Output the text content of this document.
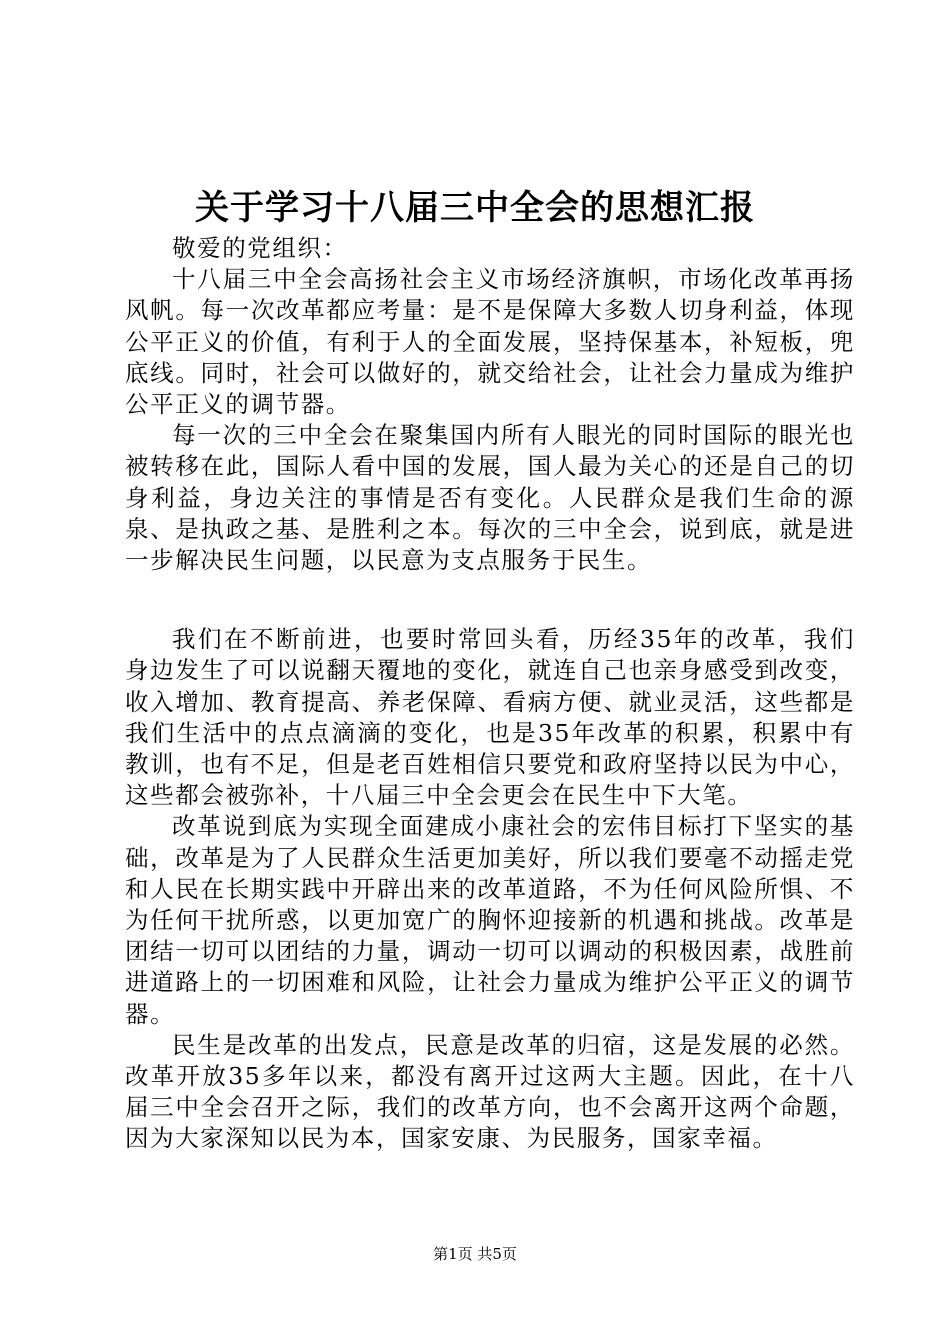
关于学习十八届三中全会的思想汇报

敬爱的党组织：

十八届三中全会高扬社会主义市场经济旗帜，市场化改革再扬风帆。每一次改革都应考量：是不是保障大多数人切身利益，体现公平正义的价值，有利于人的全面发展，坚持保基本，补短板，兜底线。同时，社会可以做好的，就交给社会，让社会力量成为维护公平正义的调节器。

每一次的三中全会在聚集国内所有人眼光的同时国际的眼光也被转移在此，国际人看中国的发展，国人最为关心的还是自己的切身利益，身边关注的事情是否有变化。人民群众是我们生命的源泉、是执政之基、是胜利之本。每次的三中全会，说到底，就是进一步解决民生问题，以民意为支点服务于民生。

我们在不断前进，也要时常回头看，历经35年的改革，我们身边发生了可以说翻天覆地的变化，就连自己也亲身感受到改变，收入增加、教育提高、养老保障、看病方便、就业灵活，这些都是我们生活中的点点滴滴的变化，也是35年改革的积累，积累中有教训，也有不足，但是老百姓相信只要党和政府坚持以民为中心，这些都会被弥补，十八届三中全会更会在民生中下大笔。

改革说到底为实现全面建成小康社会的宏伟目标打下坚实的基础，改革是为了人民群众生活更加美好，所以我们要毫不动摇走党和人民在长期实践中开辟出来的改革道路，不为任何风险所惧、不为任何干扰所惑，以更加宽广的胸怀迎接新的机遇和挑战。改革是团结一切可以团结的力量，调动一切可以调动的积极因素，战胜前进道路上的一切困难和风险，让社会力量成为维护公平正义的调节器。

民生是改革的出发点，民意是改革的归宿，这是发展的必然。改革开放35多年以来，都没有离开过这两大主题。因此，在十八届三中全会召开之际，我们的改革方向，也不会离开这两个命题，因为大家深知以民为本，国家安康、为民服务，国家幸福。

第1页 共5页
